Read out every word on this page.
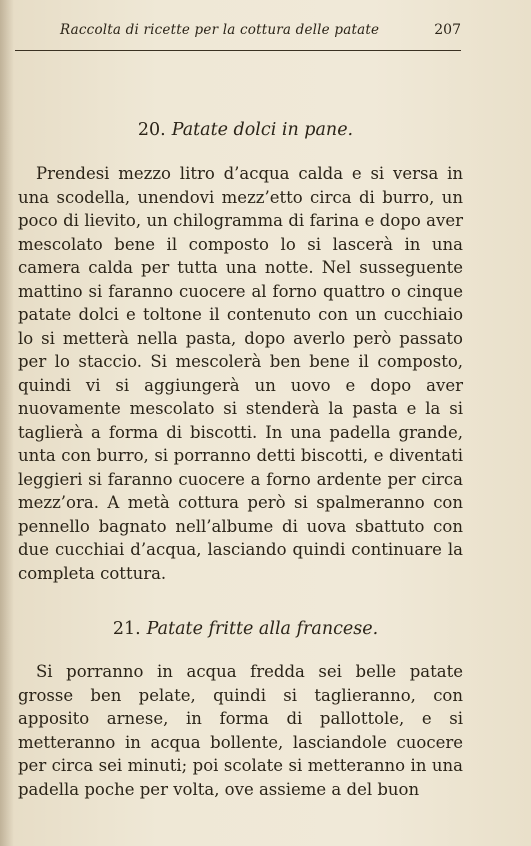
Raccolta di ricette per la cottura delle patate	207
20. Patate dolci in pane.

Prendesi mezzo litro d’acqua calda e si versa in una scodella, unendovi mezz’etto circa di burro, un poco di lievito, un chilogramma di farina e dopo aver mescolato bene il composto lo si lascerà in una camera calda per tutta una notte. Nel susseguente mattino si faranno cuocere al forno quattro o cinque patate dolci e toltone il contenuto con un cucchiaio lo si metterà nella pasta, dopo averlo però passato per lo staccio. Si mescolerà ben bene il composto, quindi vi si aggiungerà un uovo e dopo aver nuovamente mescolato si stenderà la pasta e la si taglierà a forma di biscotti. In una padella grande, unta con burro, si porranno detti biscotti, e diventati leggieri si faranno cuocere a forno ardente per circa mezz’ora. A metà cottura però si spalmeranno con pennello bagnato nell’albume di uova sbattuto con due cucchiai d’acqua, lasciando quindi continuare la completa cottura.

21. Patate fritte alla francese.

Si porranno in acqua fredda sei belle patate grosse ben pelate, quindi si taglieranno, con apposito arnese, in forma di pallottole, e si metteranno in acqua bollente, lasciandole cuocere per circa sei minuti; poi scolate si metteranno in una padella poche per volta, ove assieme a del buon
